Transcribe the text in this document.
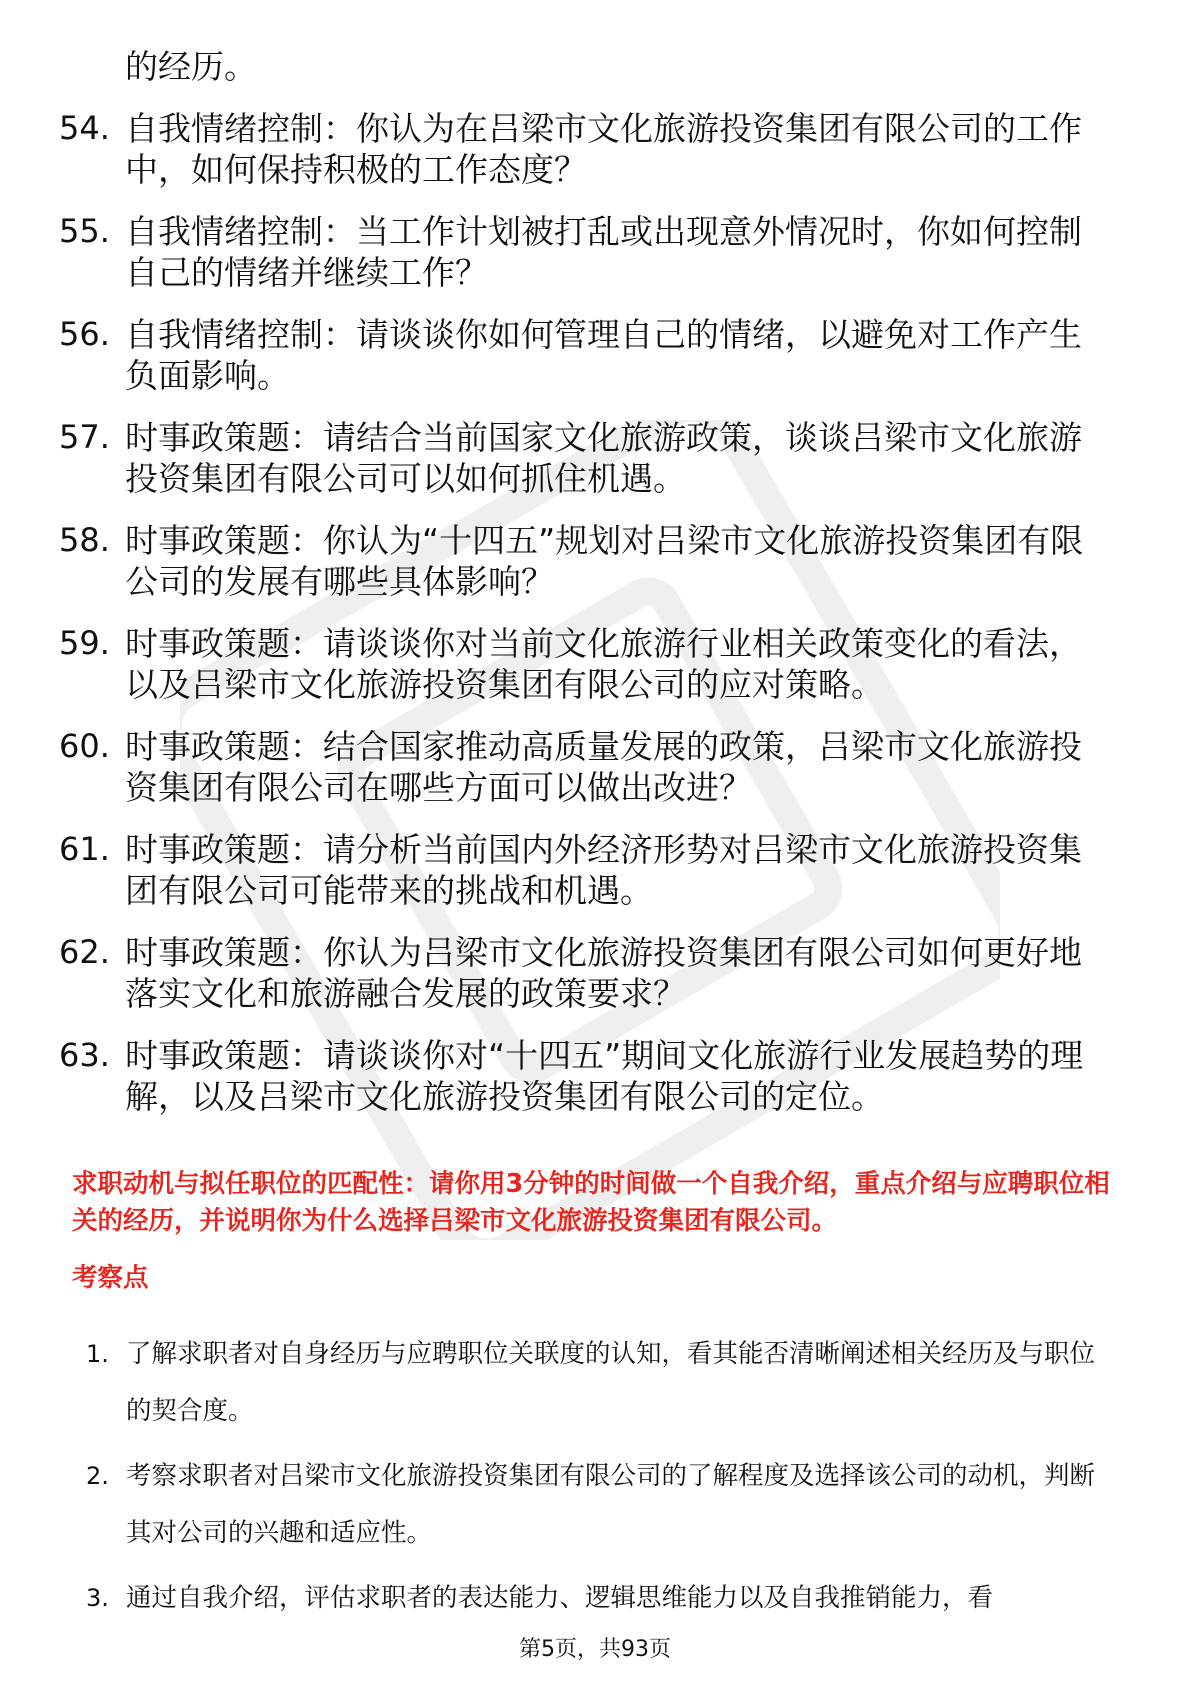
的经历。
54. 自我情绪控制：你认为在吕梁市文化旅游投资集团有限公司的工作中，如何保持积极的工作态度？
55. 自我情绪控制：当工作计划被打乱或出现意外情况时，你如何控制自己的情绪并继续工作？
56. 自我情绪控制：请谈谈你如何管理自己的情绪，以避免对工作产生负面影响。
57. 时事政策题：请结合当前国家文化旅游政策，谈谈吕梁市文化旅游投资集团有限公司可以如何抓住机遇。
58. 时事政策题：你认为“十四五”规划对吕梁市文化旅游投资集团有限公司的发展有哪些具体影响？
59. 时事政策题：请谈谈你对当前文化旅游行业相关政策变化的看法，以及吕梁市文化旅游投资集团有限公司的应对策略。
60. 时事政策题：结合国家推动高质量发展的政策，吕梁市文化旅游投资集团有限公司在哪些方面可以做出改进？
61. 时事政策题：请分析当前国内外经济形势对吕梁市文化旅游投资集团有限公司可能带来的挑战和机遇。
62. 时事政策题：你认为吕梁市文化旅游投资集团有限公司如何更好地落实文化和旅游融合发展的政策要求？
63. 时事政策题：请谈谈你对“十四五”期间文化旅游行业发展趋势的理解，以及吕梁市文化旅游投资集团有限公司的定位。
求职动机与拟任职位的匹配性：请你用3分钟的时间做一个自我介绍，重点介绍与应聘职位相关的经历，并说明你为什么选择吕梁市文化旅游投资集团有限公司。
考察点
1. 了解求职者对自身经历与应聘职位关联度的认知，看其能否清晰阐述相关经历及与职位的契合度。
2. 考察求职者对吕梁市文化旅游投资集团有限公司的了解程度及选择该公司的动机，判断其对公司的兴趣和适应性。
3. 通过自我介绍，评估求职者的表达能力、逻辑思维能力以及自我推销能力，看
第5页，共93页
